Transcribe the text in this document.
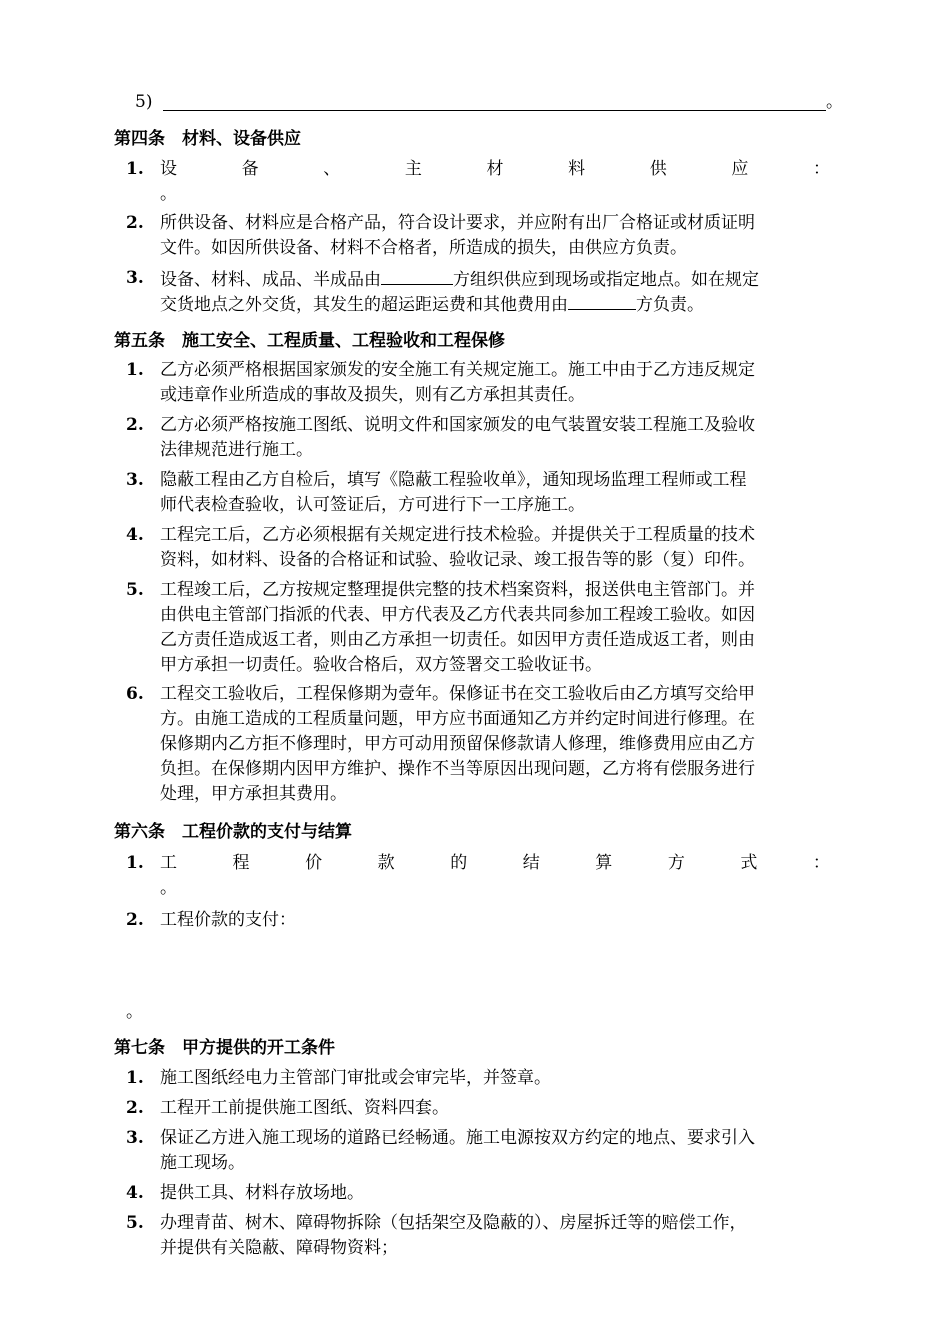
5)	。
第四条　材料、设备供应
1. 设	备	、	主	材	料	供	应	：
。
2. 所供设备、材料应是合格产品，符合设计要求，并应附有出厂合格证或材质证明
文件。如因所供设备、材料不合格者，所造成的损失，由供应方负责。
3. 设备、材料、成品、半成品由	方组织供应到现场或指定地点。如在规定
交货地点之外交货，其发生的超运距运费和其他费用由	方负责。
第五条　施工安全、工程质量、工程验收和工程保修
1. 乙方必须严格根据国家颁发的安全施工有关规定施工。施工中由于乙方违反规定
或违章作业所造成的事故及损失，则有乙方承担其责任。
2. 乙方必须严格按施工图纸、说明文件和国家颁发的电气装置安装工程施工及验收
法律规范进行施工。
3. 隐蔽工程由乙方自检后，填写《隐蔽工程验收单》，通知现场监理工程师或工程
师代表检查验收，认可签证后，方可进行下一工序施工。
4. 工程完工后，乙方必须根据有关规定进行技术检验。并提供关于工程质量的技术
资料，如材料、设备的合格证和试验、验收记录、竣工报告等的影（复）印件。
5. 工程竣工后，乙方按规定整理提供完整的技术档案资料，报送供电主管部门。并
由供电主管部门指派的代表、甲方代表及乙方代表共同参加工程竣工验收。如因
乙方责任造成返工者，则由乙方承担一切责任。如因甲方责任造成返工者，则由
甲方承担一切责任。验收合格后，双方签署交工验收证书。
6. 工程交工验收后，工程保修期为壹年。保修证书在交工验收后由乙方填写交给甲
方。由施工造成的工程质量问题，甲方应书面通知乙方并约定时间进行修理。在
保修期内乙方拒不修理时，甲方可动用预留保修款请人修理，维修费用应由乙方
负担。在保修期内因甲方维护、操作不当等原因出现问题，乙方将有偿服务进行
处理，甲方承担其费用。
第六条　工程价款的支付与结算
1. 工	程	价	款	的	结	算	方	式	：
。
2. 工程价款的支付：
。
第七条　甲方提供的开工条件
1. 施工图纸经电力主管部门审批或会审完毕，并签章。
2. 工程开工前提供施工图纸、资料四套。
3. 保证乙方进入施工现场的道路已经畅通。施工电源按双方约定的地点、要求引入
施工现场。
4. 提供工具、材料存放场地。
5. 办理青苗、树木、障碍物拆除（包括架空及隐蔽的）、房屋拆迁等的赔偿工作，
并提供有关隐蔽、障碍物资料；
